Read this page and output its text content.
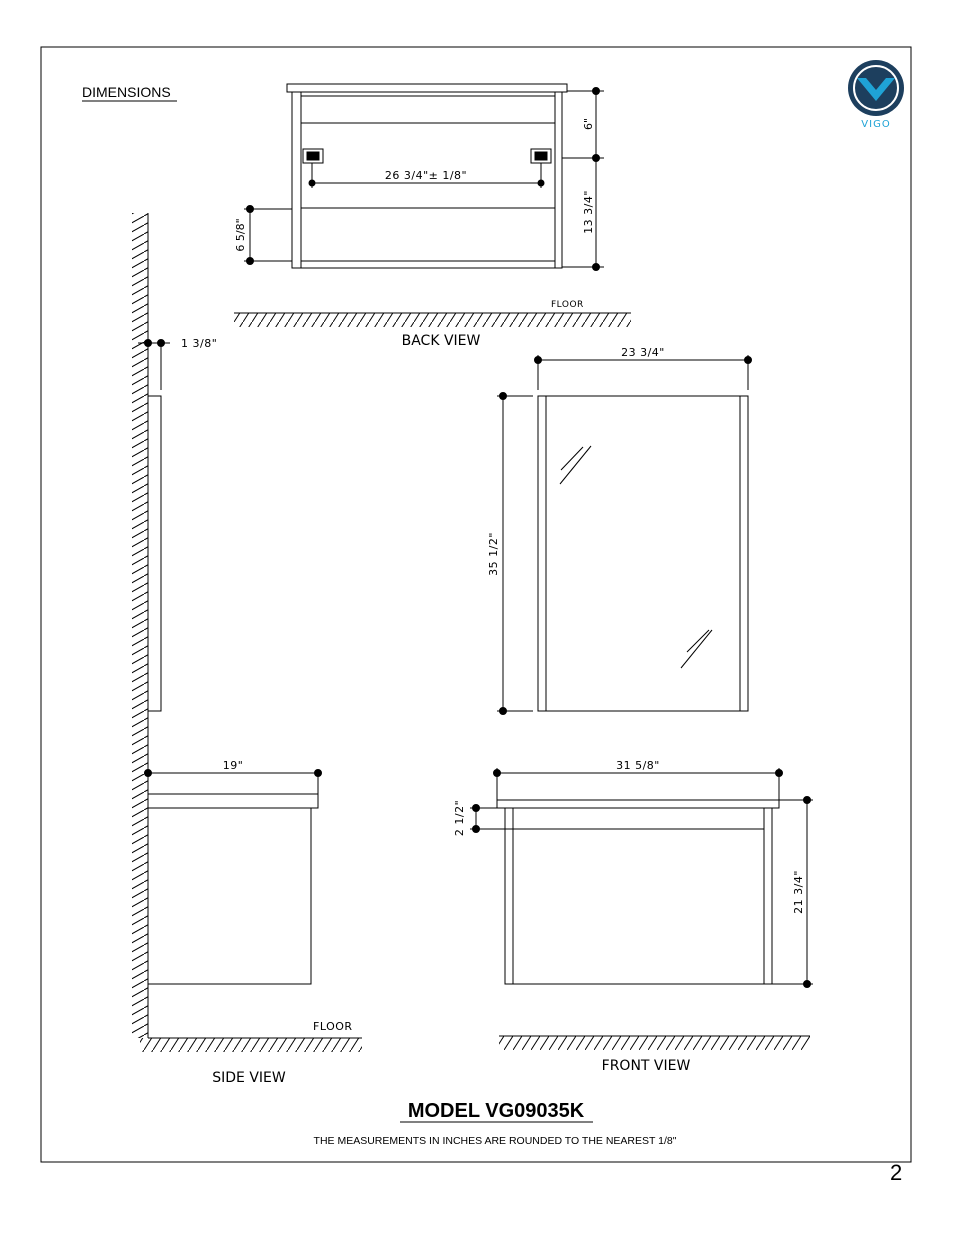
DIMENSIONS
VIGO
26 3/4"± 1/8"
6"
13 3/4"
6 5/8"
FLOOR
BACK VIEW
FLOOR
1 3/8"
19"
SIDE VIEW
23 3/4"
35 1/2"
31 5/8"
2 1/2"
21 3/4"
FRONT VIEW
MODEL VG09035K
THE MEASUREMENTS IN INCHES ARE ROUNDED TO THE NEAREST 1/8"
2
